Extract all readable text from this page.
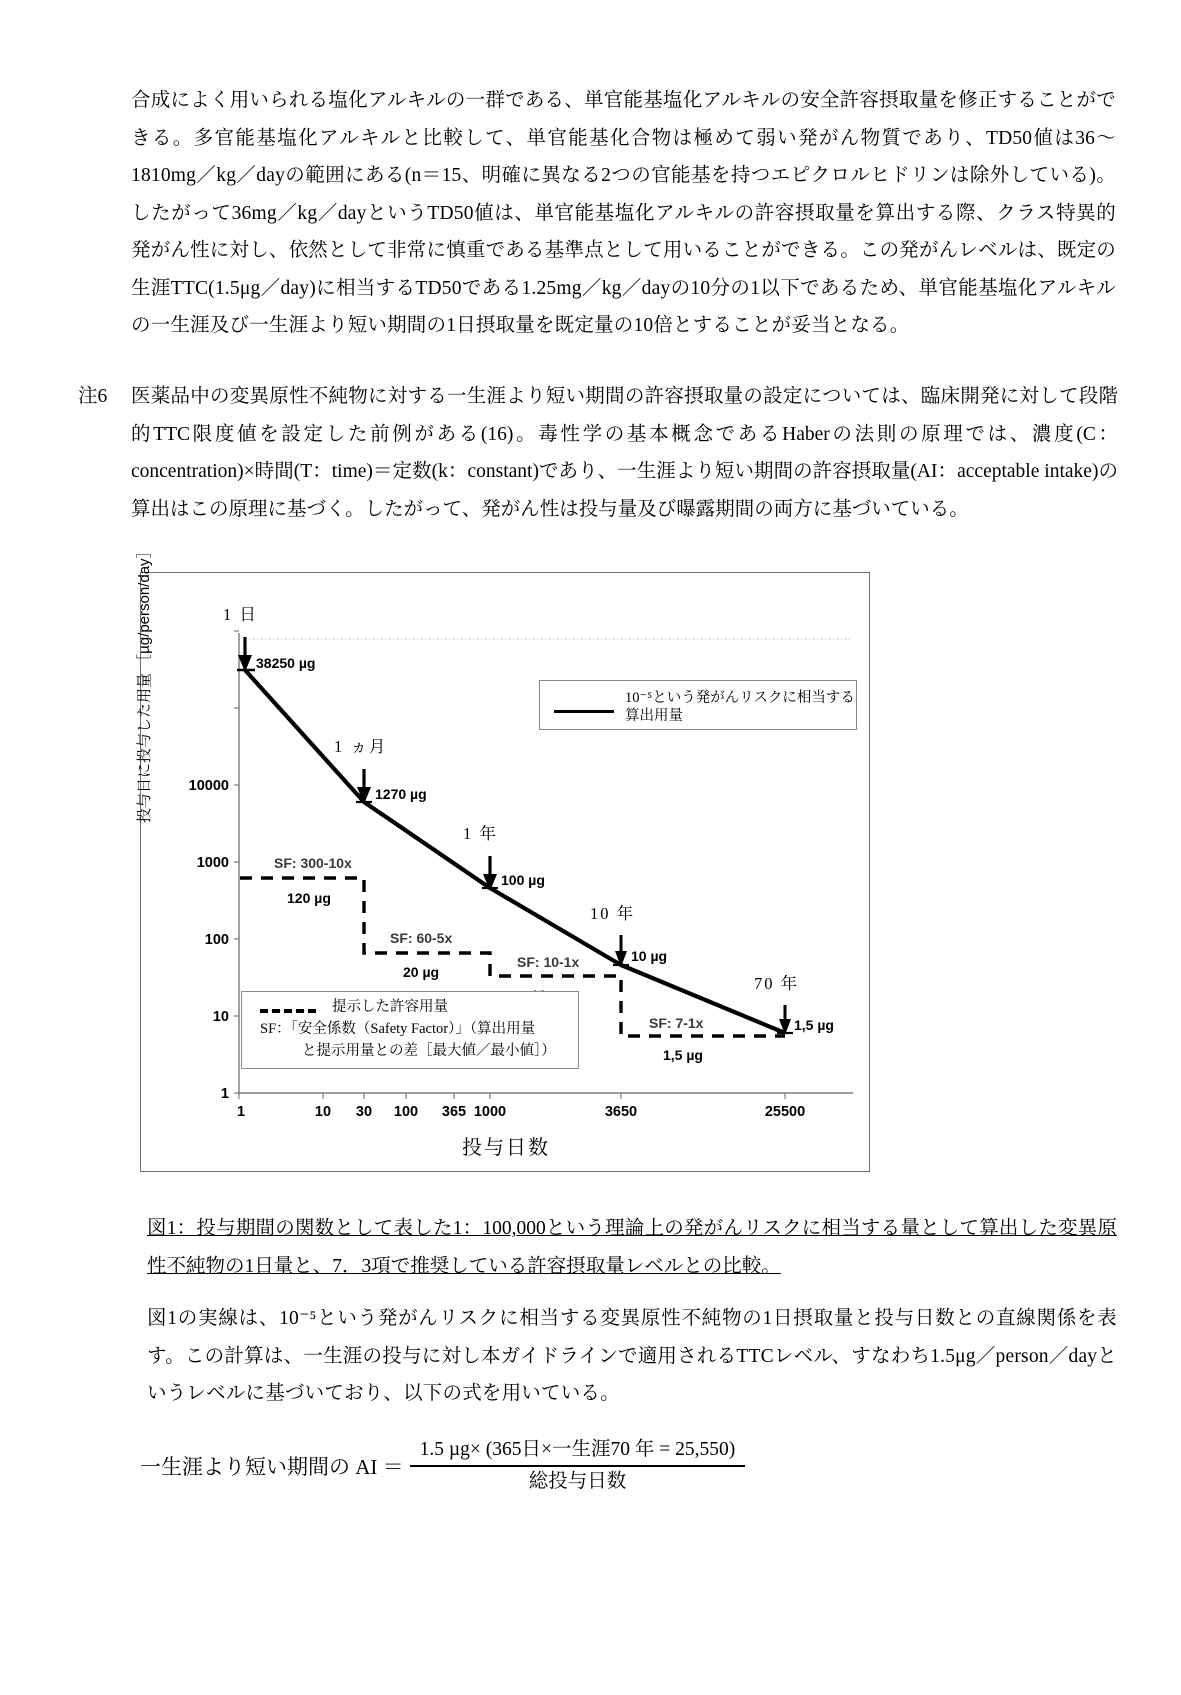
合成によく用いられる塩化アルキルの一群である、単官能基塩化アルキルの安全許容摂取量を修正することができる。多官能基塩化アルキルと比較して、単官能基化合物は極めて弱い発がん物質であり、TD50値は36〜1810mg／kg／dayの範囲にある(n＝15、明確に異なる2つの官能基を持つエピクロルヒドリンは除外している)。したがって36mg／kg／dayというTD50値は、単官能基塩化アルキルの許容摂取量を算出する際、クラス特異的発がん性に対し、依然として非常に慎重である基準点として用いることができる。この発がんレベルは、既定の生涯TTC(1.5μg／day)に相当するTD50である1.25mg／kg／dayの10分の1以下であるため、単官能基塩化アルキルの一生涯及び一生涯より短い期間の1日摂取量を既定量の10倍とすることが妥当となる。

注6	医薬品中の変異原性不純物に対する一生涯より短い期間の許容摂取量の設定については、臨床開発に対して段階的TTC限度値を設定した前例がある(16)。毒性学の基本概念であるHaberの法則の原理では、濃度(C：concentration)×時間(T：time)＝定数(k：constant)であり、一生涯より短い期間の許容摂取量(AI：acceptable intake)の算出はこの原理に基づく。したがって、発がん性は投与量及び曝露期間の両方に基づいている。
投与日に投与した用量 ［µg/person/day］
投与日数
10000
1000
100
10
1
1	10	30	100	365 1000	3650	25500
1 日
38250 µg
1 ヵ月
1270 µg
1 年
100 µg
10 年
10 µg
70 年
1,5 µg
SF: 300-10x
120 µg
SF: 60-5x
20 µg
SF: 10-1x
SF: 7-1x
1,5 µg
10⁻⁵という発がんリスクに相当する
算出用量
提示した許容用量
SF：「安全係数（Safety Factor）」（算出用量
と提示用量との差［最大値／最小値］）
図1：投与期間の関数として表した1：100,000という理論上の発がんリスクに相当する量として算出した変異原性不純物の1日量と、7．3項で推奨している許容摂取量レベルとの比較。

図1の実線は、10⁻⁵という発がんリスクに相当する変異原性不純物の1日摂取量と投与日数との直線関係を表す。この計算は、一生涯の投与に対し本ガイドラインで適用されるTTCレベル、すなわち1.5μg／person／dayというレベルに基づいており、以下の式を用いている。

一生涯より短い期間の AI ＝ $\frac{\text{1.5 µg× (365日×一生涯70 年 = 25,550)}}{\text{総投与日数}}$
